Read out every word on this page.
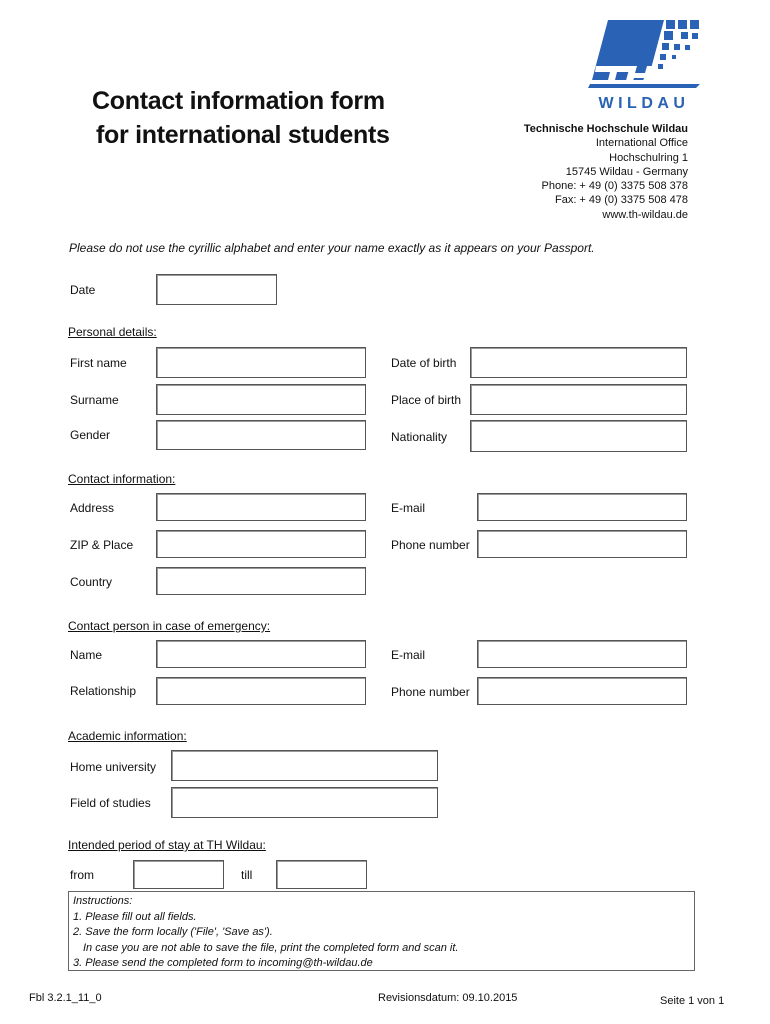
Contact information form
for international students
WILDAU
Technische Hochschule Wildau
International Office
Hochschulring 1
15745 Wildau - Germany
Phone: + 49 (0) 3375 508 378
Fax: + 49 (0) 3375 508 478
www.th-wildau.de
Please do not use the cyrillic alphabet and enter your name exactly as it appears on your Passport.
Date
Personal details:
First name	Date of birth
Surname	Place of birth
Gender	Nationality
Contact information:
Address	E-mail
ZIP & Place	Phone number
Country
Contact person in case of emergency:
Name	E-mail
Relationship	Phone number
Academic information:
Home university
Field of studies
Intended period of stay at TH Wildau:
from	till
Instructions:
1. Please fill out all fields.
2. Save the form locally ('File', 'Save as').
In case you are not able to save the file, print the completed form and scan it.
3. Please send the completed form to incoming@th-wildau.de
Fbl 3.2.1_11_0	Revisionsdatum: 09.10.2015	Seite 1 von 1
